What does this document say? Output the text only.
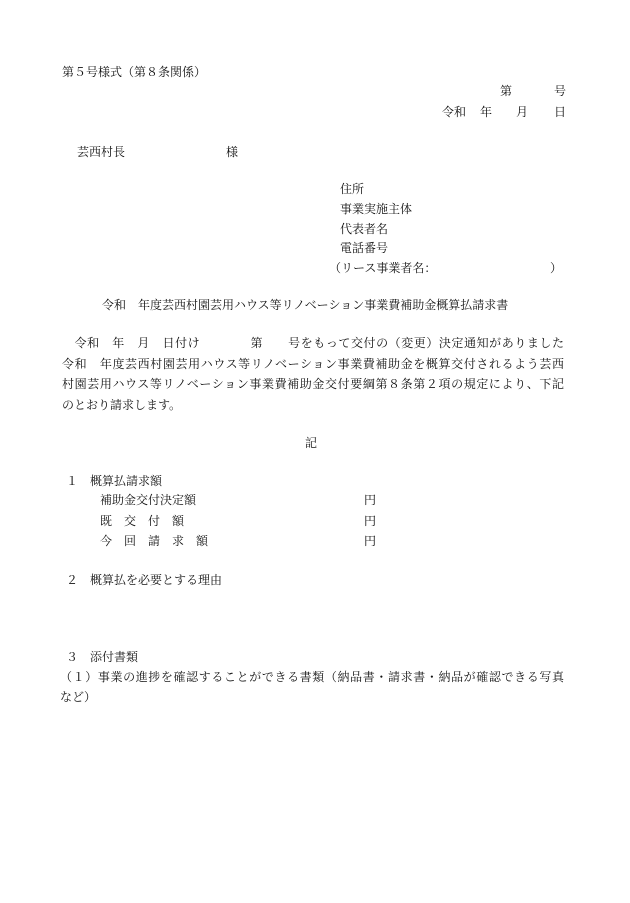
第５号様式（第８条関係）
第	号
令和 年 月 日
芸西村長	様
住所
事業実施主体
代表者名
電話番号
（リース事業者名：	）
令和　年度芸西村園芸用ハウス等リノベーション事業費補助金概算払請求書
　令和　年　月　日付け　　　　第　　号をもって交付の（変更）決定通知がありました
令和　年度芸西村園芸用ハウス等リノベーション事業費補助金を概算交付されるよう芸西
村園芸用ハウス等リノベーション事業費補助金交付要綱第８条第２項の規定により、下記
のとおり請求します。
記
１　概算払請求額
補助金交付決定額	円
既　交　付　額	円
今　回　請　求　額	円
２　概算払を必要とする理由
３　添付書類
（１）事業の進捗を確認することができる書類（納品書・請求書・納品が確認できる写真
など）
